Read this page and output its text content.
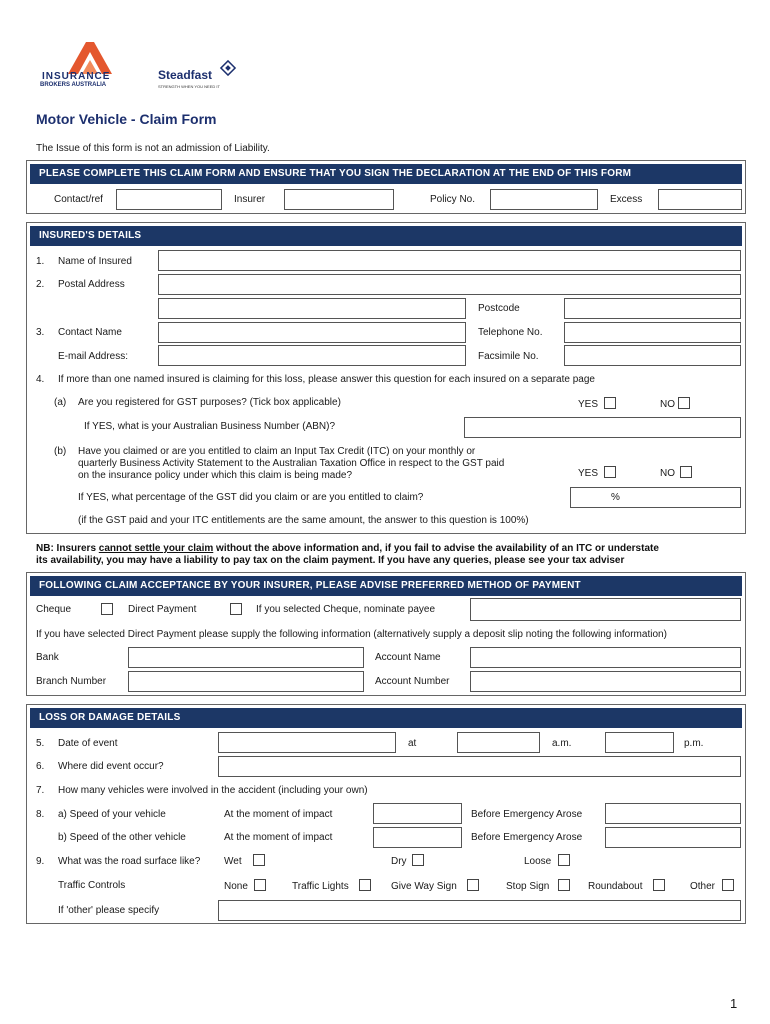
INSURANCE
BROKERS AUSTRALIA
Steadfast
STRENGTH WHEN YOU NEED IT
Motor Vehicle - Claim Form
The Issue of this form is not an admission of Liability.
PLEASE COMPLETE THIS CLAIM FORM AND ENSURE THAT YOU SIGN THE DECLARATION AT THE END OF THIS FORM
Contact/ref	Insurer	Policy No.	Excess
INSURED'S DETAILS
1. Name of Insured
2. Postal Address
Postcode
3. Contact Name	Telephone No.
E-mail Address:	Facsimile No.
4. If more than one named insured is claiming for this loss, please answer this question for each insured on a separate page
(a) Are you registered for GST purposes? (Tick box applicable)	YES	NO
If YES, what is your Australian Business Number (ABN)?
(b) Have you claimed or are you entitled to claim an Input Tax Credit (ITC) on your monthly or
quarterly Business Activity Statement to the Australian Taxation Office in respect to the GST paid
on the insurance policy under which this claim is being made?	YES	NO
If YES, what percentage of the GST did you claim or are you entitled to claim?	%
(if the GST paid and your ITC entitlements are the same amount, the answer to this question is 100%)
NB: Insurers cannot settle your claim without the above information and, if you fail to advise the availability of an ITC or understate
its availability, you may have a liability to pay tax on the claim payment. If you have any queries, please see your tax adviser
FOLLOWING CLAIM ACCEPTANCE BY YOUR INSURER, PLEASE ADVISE PREFERRED METHOD OF PAYMENT
Cheque	Direct Payment	If you selected Cheque, nominate payee
If you have selected Direct Payment please supply the following information (alternatively supply a deposit slip noting the following information)
Bank	Account Name
Branch Number	Account Number
LOSS OR DAMAGE DETAILS
5. Date of event	at	a.m.	p.m.
6. Where did event occur?
7. How many vehicles were involved in the accident (including your own)
8. a) Speed of your vehicle	At the moment of impact	Before Emergency Arose
b) Speed of the other vehicle	At the moment of impact	Before Emergency Arose
9. What was the road surface like? Wet	Dry	Loose
Traffic Controls	None	Traffic Lights	Give Way Sign	Stop Sign	Roundabout	Other
If 'other' please specify
1
